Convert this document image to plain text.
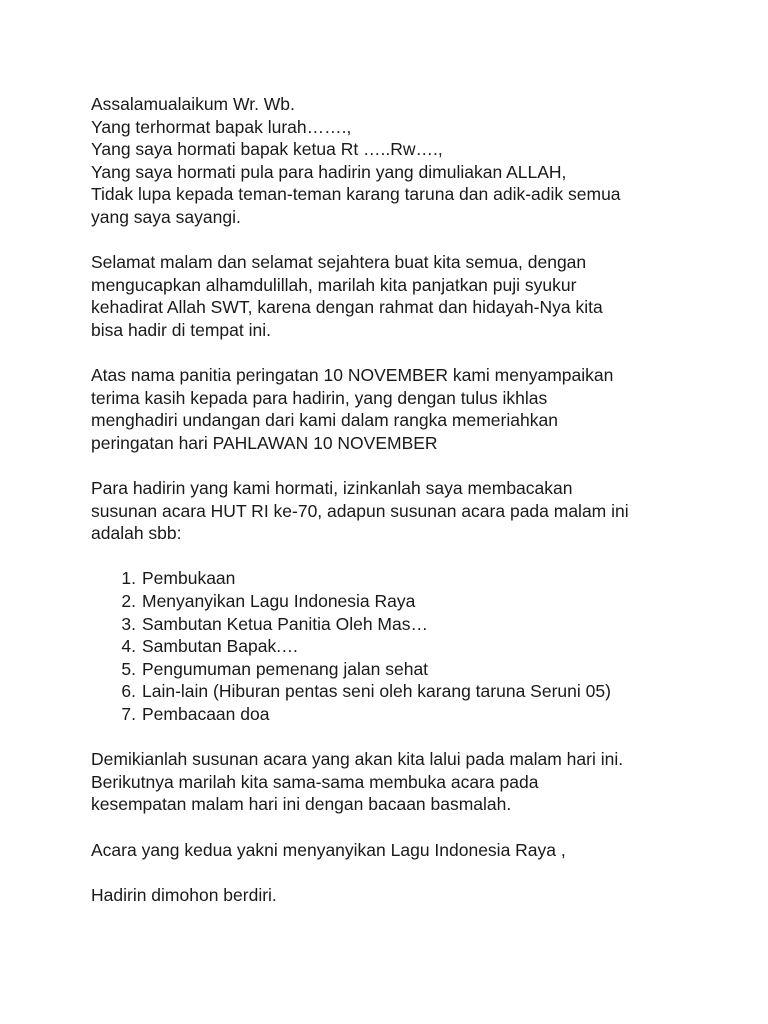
Assalamualaikum Wr. Wb.
Yang terhormat bapak lurah…….,
Yang saya hormati bapak ketua Rt …..Rw….,
Yang saya hormati pula para hadirin yang dimuliakan ALLAH,
Tidak lupa kepada teman-teman karang taruna dan adik-adik semua
yang saya sayangi.
Selamat malam dan selamat sejahtera buat kita semua, dengan
mengucapkan alhamdulillah, marilah kita panjatkan puji syukur
kehadirat Allah SWT, karena dengan rahmat dan hidayah-Nya kita
bisa hadir di tempat ini.
Atas nama panitia peringatan 10 NOVEMBER kami menyampaikan
terima kasih kepada para hadirin, yang dengan tulus ikhlas
menghadiri undangan dari kami dalam rangka memeriahkan
peringatan hari PAHLAWAN 10 NOVEMBER
Para hadirin yang kami hormati, izinkanlah saya membacakan
susunan acara HUT RI ke-70, adapun susunan acara pada malam ini
adalah sbb:
1. Pembukaan
2. Menyanyikan Lagu Indonesia Raya
3. Sambutan Ketua Panitia Oleh Mas…
4. Sambutan Bapak.…
5. Pengumuman pemenang jalan sehat
6. Lain-lain (Hiburan pentas seni oleh karang taruna Seruni 05)
7. Pembacaan doa
Demikianlah susunan acara yang akan kita lalui pada malam hari ini.
Berikutnya marilah kita sama-sama membuka acara pada
kesempatan malam hari ini dengan bacaan basmalah.
Acara yang kedua yakni menyanyikan Lagu Indonesia Raya ,
Hadirin dimohon berdiri.
